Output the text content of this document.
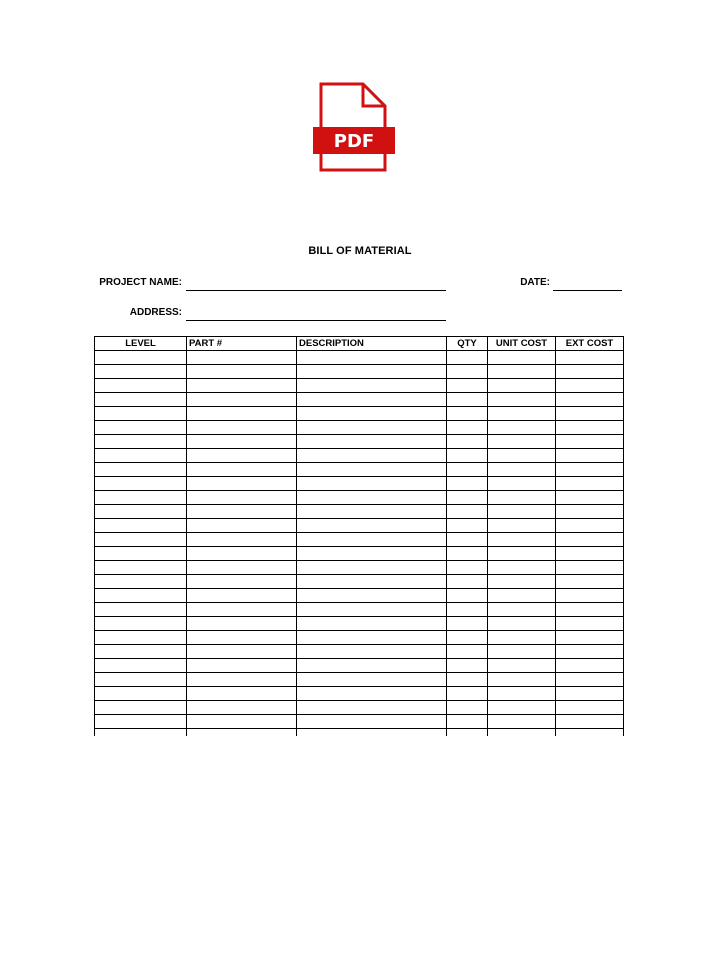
PDF
BILL OF MATERIAL
PROJECT NAME:	DATE:
ADDRESS:
LEVEL	PART #	DESCRIPTION	QTY	UNIT COST	EXT COST
